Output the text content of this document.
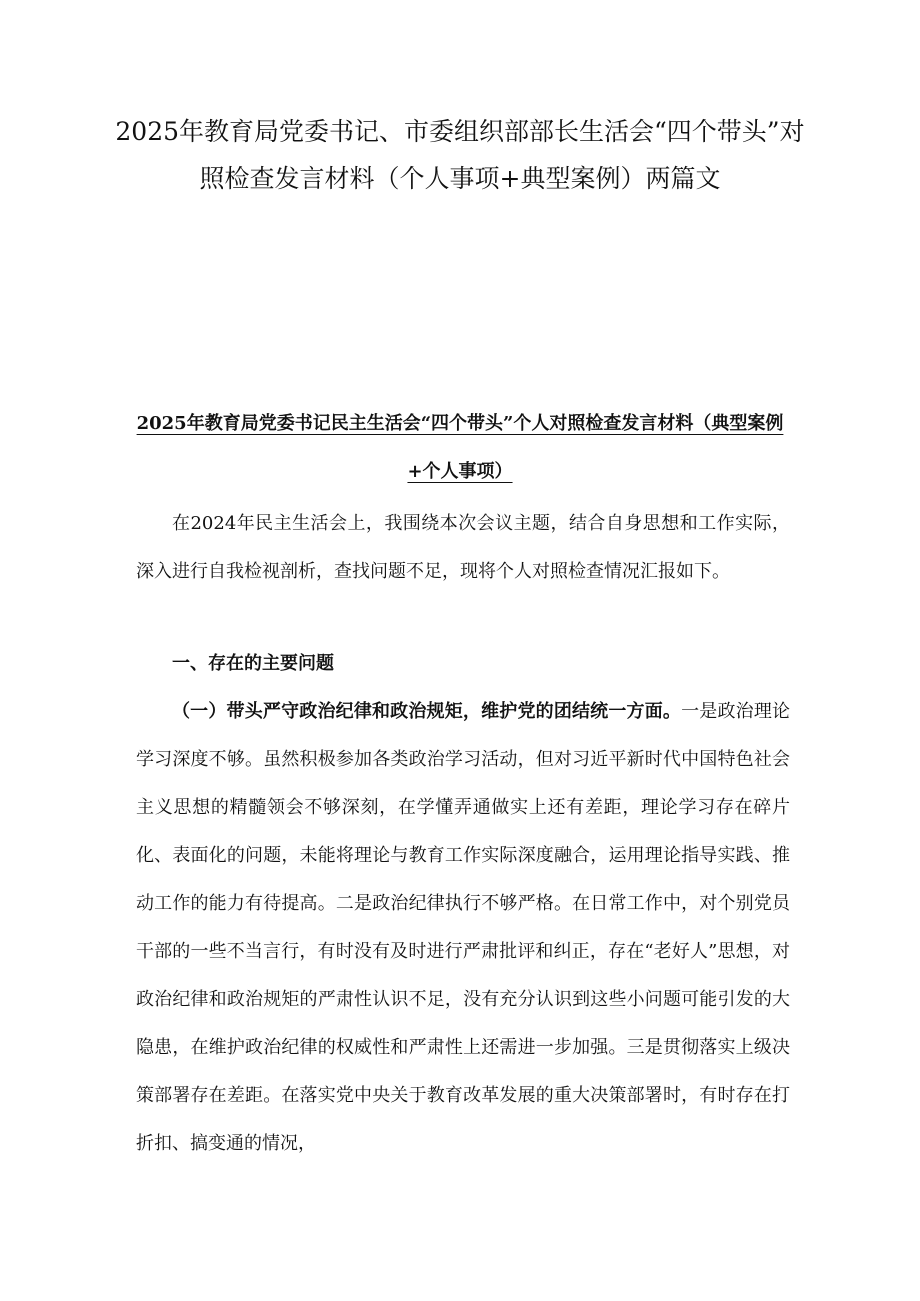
2025年教育局党委书记、市委组织部部长生活会“四个带头”对照检查发言材料（个人事项+典型案例）两篇文
2025年教育局党委书记民主生活会“四个带头”个人对照检查发言材料（典型案例+个人事项）

在2024年民主生活会上，我围绕本次会议主题，结合自身思想和工作实际，深入进行自我检视剖析，查找问题不足，现将个人对照检查情况汇报如下。

一、存在的主要问题

（一）带头严守政治纪律和政治规矩，维护党的团结统一方面。一是政治理论学习深度不够。虽然积极参加各类政治学习活动，但对习近平新时代中国特色社会主义思想的精髓领会不够深刻，在学懂弄通做实上还有差距，理论学习存在碎片化、表面化的问题，未能将理论与教育工作实际深度融合，运用理论指导实践、推动工作的能力有待提高。二是政治纪律执行不够严格。在日常工作中，对个别党员干部的一些不当言行，有时没有及时进行严肃批评和纠正，存在“老好人”思想，对政治纪律和政治规矩的严肃性认识不足，没有充分认识到这些小问题可能引发的大隐患，在维护政治纪律的权威性和严肃性上还需进一步加强。三是贯彻落实上级决策部署存在差距。在落实党中央关于教育改革发展的重大决策部署时，有时存在打折扣、搞变通的情况，
